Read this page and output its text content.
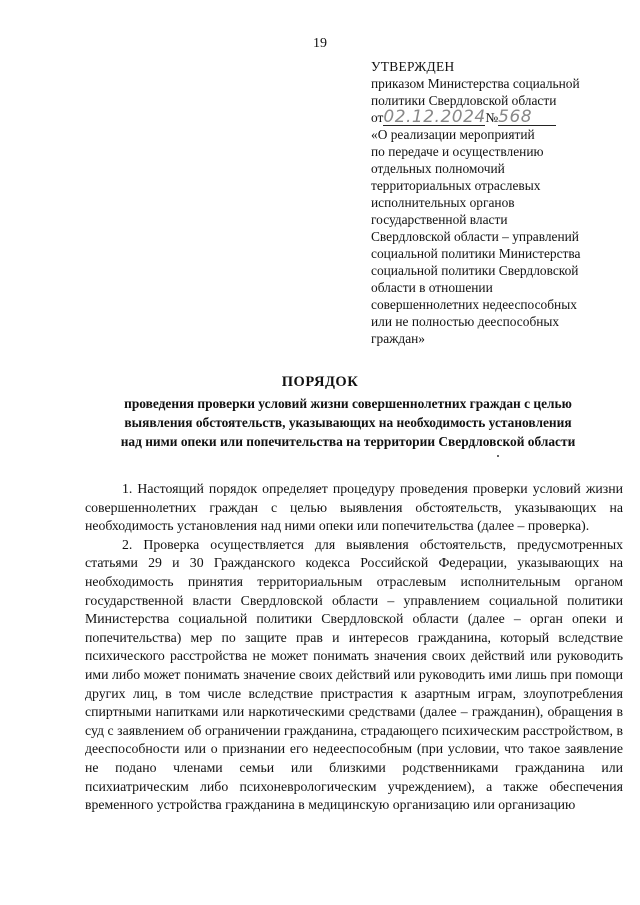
19
УТВЕРЖДЕН
приказом Министерства социальной
политики Свердловской области
от02.12.2024№568
«О реализации мероприятий
по передаче и осуществлению
отдельных полномочий
территориальных отраслевых
исполнительных органов
государственной власти
Свердловской области – управлений
социальной политики Министерства
социальной политики Свердловской
области в отношении
совершеннолетних недееспособных
или не полностью дееспособных
граждан»
ПОРЯДОК
проведения проверки условий жизни совершеннолетних граждан с целью
выявления обстоятельств, указывающих на необходимость установления
над ними опеки или попечительства на территории Свердловской области

1. Настоящий порядок определяет процедуру проведения проверки условий жизни совершеннолетних граждан с целью выявления обстоятельств, указывающих на необходимость установления над ними опеки или попечительства (далее – проверка).

2. Проверка осуществляется для выявления обстоятельств, предусмотренных статьями 29 и 30 Гражданского кодекса Российской Федерации, указывающих на необходимость принятия территориальным отраслевым исполнительным органом государственной власти Свердловской области – управлением социальной политики Министерства социальной политики Свердловской области (далее – орган опеки и попечительства) мер по защите прав и интересов гражданина, который вследствие психического расстройства не может понимать значения своих действий или руководить ими либо может понимать значение своих действий или руководить ими лишь при помощи других лиц, в том числе вследствие пристрастия к азартным играм, злоупотребления спиртными напитками или наркотическими средствами (далее – гражданин), обращения в суд с заявлением об ограничении гражданина, страдающего психическим расстройством, в дееспособности или о признании его недееспособным (при условии, что такое заявление не подано членами семьи или близкими родственниками гражданина или психиатрическим либо психоневрологическим учреждением), а также обеспечения временного устройства гражданина в медицинскую организацию или организацию
